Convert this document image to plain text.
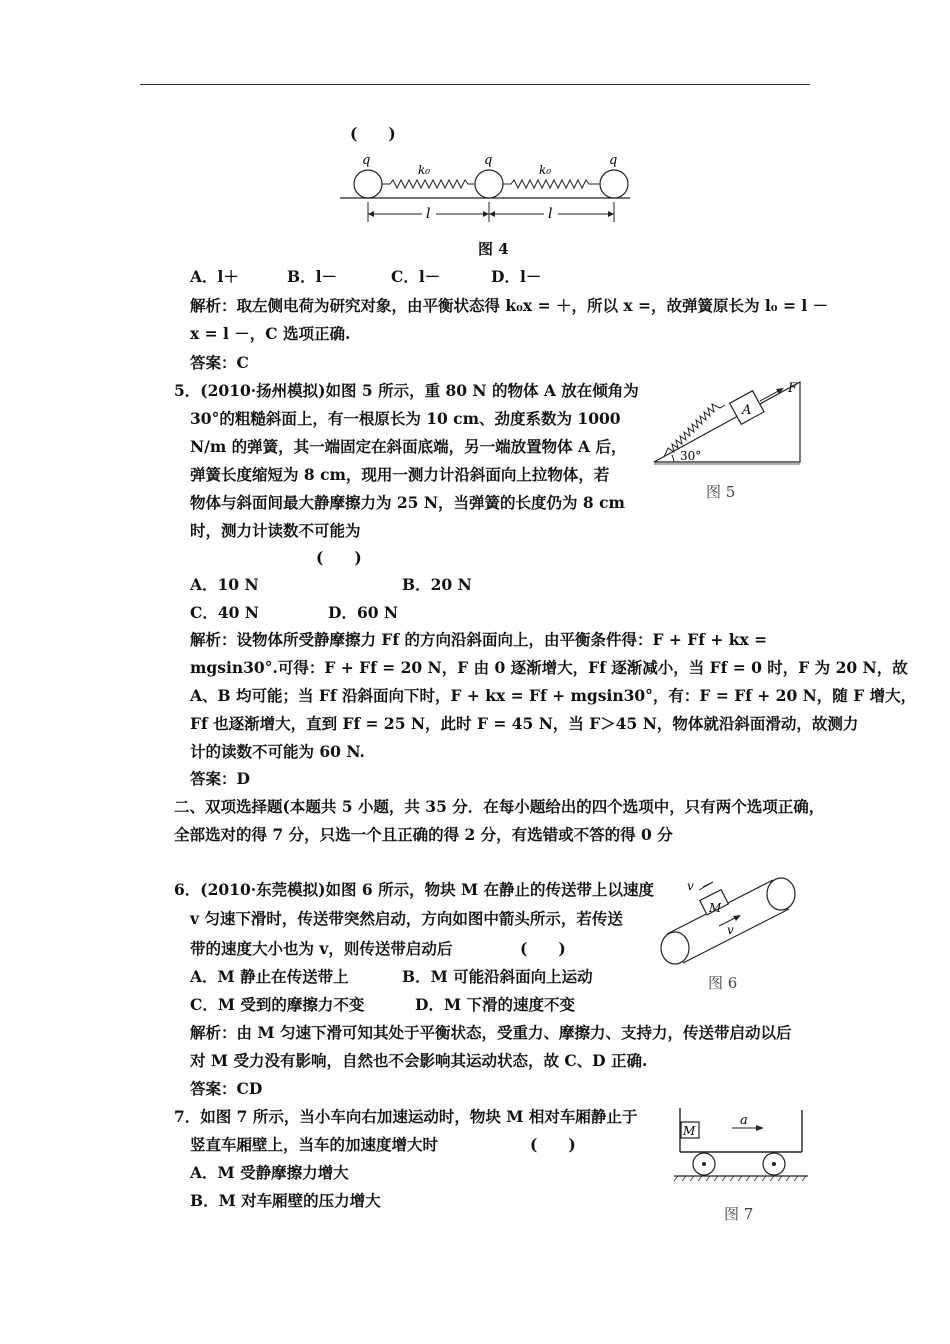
(　　)
q	q	q
k₀	k₀
l	l
图 4
A．l＋	B．l－	C．l－	D．l－
解析：取左侧电荷为研究对象，由平衡状态得 k₀x = ＋，所以 x =，故弹簧原长为 l₀ = l －
x = l －，C 选项正确.
答案：C
5．(2010·扬州模拟)如图 5 所示，重 80 N 的物体 A 放在倾角为
30°的粗糙斜面上，有一根原长为 10 cm、劲度系数为 1000
N/m 的弹簧，其一端固定在斜面底端，另一端放置物体 A 后，
弹簧长度缩短为 8 cm，现用一测力计沿斜面向上拉物体，若
物体与斜面间最大静摩擦力为 25 N，当弹簧的长度仍为 8 cm
时，测力计读数不可能为
(　　)
A
F
30°
图 5
A．10 N	B．20 N
C．40 N	D．60 N
解析：设物体所受静摩擦力 Ff 的方向沿斜面向上，由平衡条件得：F + Ff + kx =
mgsin30°.可得：F + Ff = 20 N，F 由 0 逐渐增大，Ff 逐渐减小，当 Ff = 0 时，F 为 20 N，故
A、B 均可能；当 Ff 沿斜面向下时，F + kx = Ff + mgsin30°，有：F = Ff + 20 N，随 F 增大，
Ff 也逐渐增大，直到 Ff = 25 N，此时 F = 45 N，当 F＞45 N，物体就沿斜面滑动，故测力
计的读数不可能为 60 N.
答案：D
二、双项选择题(本题共 5 小题，共 35 分．在每小题给出的四个选项中，只有两个选项正确，
全部选对的得 7 分，只选一个且正确的得 2 分，有选错或不答的得 0 分
6．(2010·东莞模拟)如图 6 所示，物块 M 在静止的传送带上以速度
v 匀速下滑时，传送带突然启动，方向如图中箭头所示，若传送
带的速度大小也为 v，则传送带启动后	(　　)
M
v
v
图 6
A．M 静止在传送带上	B．M 可能沿斜面向上运动
C．M 受到的摩擦力不变	D．M 下滑的速度不变
解析：由 M 匀速下滑可知其处于平衡状态，受重力、摩擦力、支持力，传送带启动以后
对 M 受力没有影响，自然也不会影响其运动状态，故 C、D 正确.
答案：CD
7．如图 7 所示，当小车向右加速运动时，物块 M 相对车厢静止于
竖直车厢壁上，当车的加速度增大时	(　　)
A．M 受静摩擦力增大
B．M 对车厢壁的压力增大
M
a
图 7
